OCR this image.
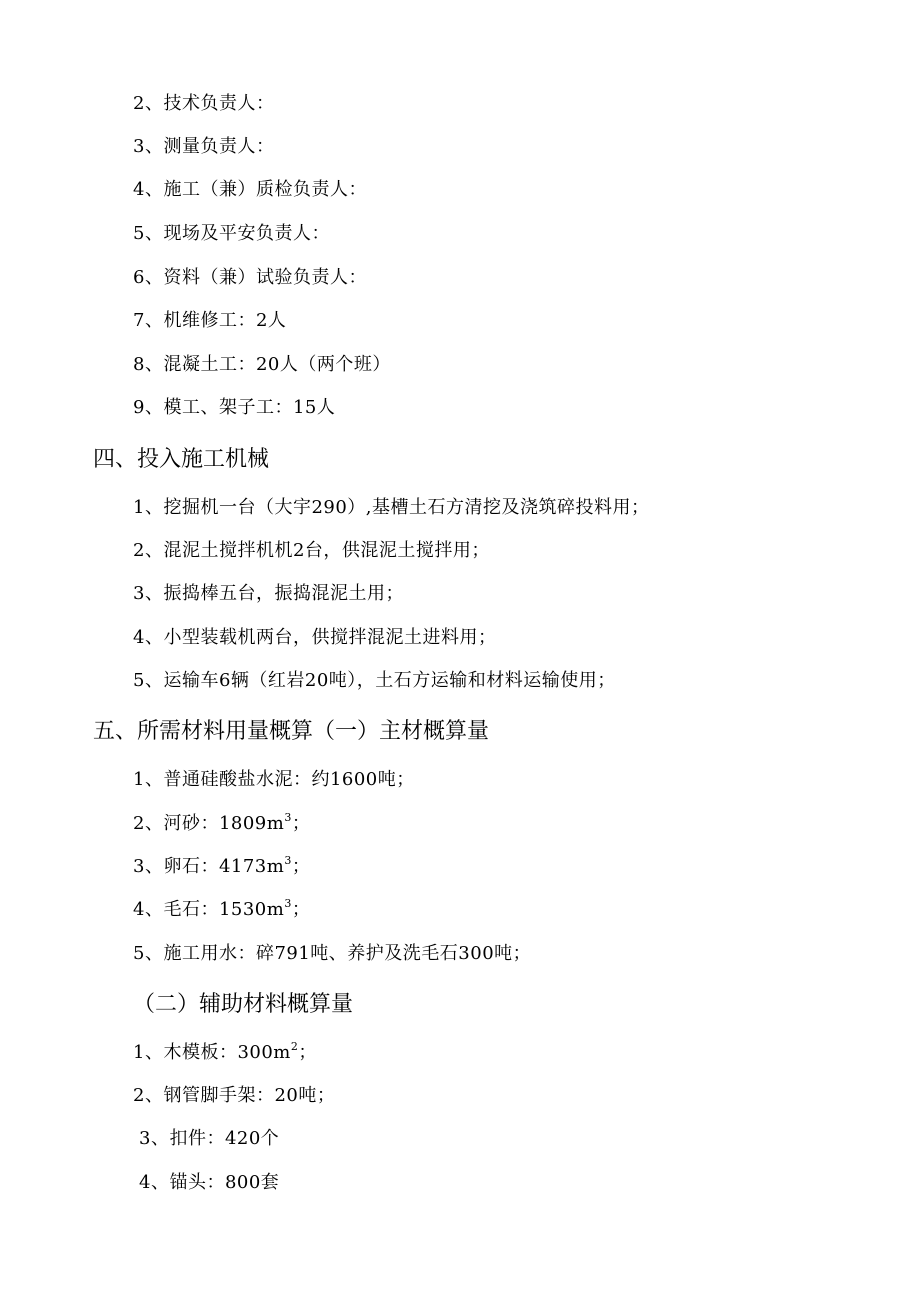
2、技术负责人：
3、测量负责人：
4、施工（兼）质检负责人：
5、现场及平安负责人：
6、资料（兼）试验负责人：
7、机维修工：2人
8、混凝土工：20人（两个班）
9、模工、架子工：15人
四、投入施工机械
1、挖掘机一台（大宇290）,基槽土石方清挖及浇筑碎投料用；
2、混泥土搅拌机机2台，供混泥土搅拌用；
3、振捣棒五台，振捣混泥土用；
4、小型装载机两台，供搅拌混泥土进料用；
5、运输车6辆（红岩20吨），土石方运输和材料运输使用；
五、所需材料用量概算（一）主材概算量
1、普通硅酸盐水泥：约1600吨；
2、河砂：$1809m^3$；
3、卵石：$4173m^3$；
4、毛石：$1530m^3$；
5、施工用水：碎791吨、养护及洗毛石300吨；
（二）辅助材料概算量
1、木模板：$300m^2$；
2、钢管脚手架：20吨；
3、扣件：420个
4、锚头：800套
